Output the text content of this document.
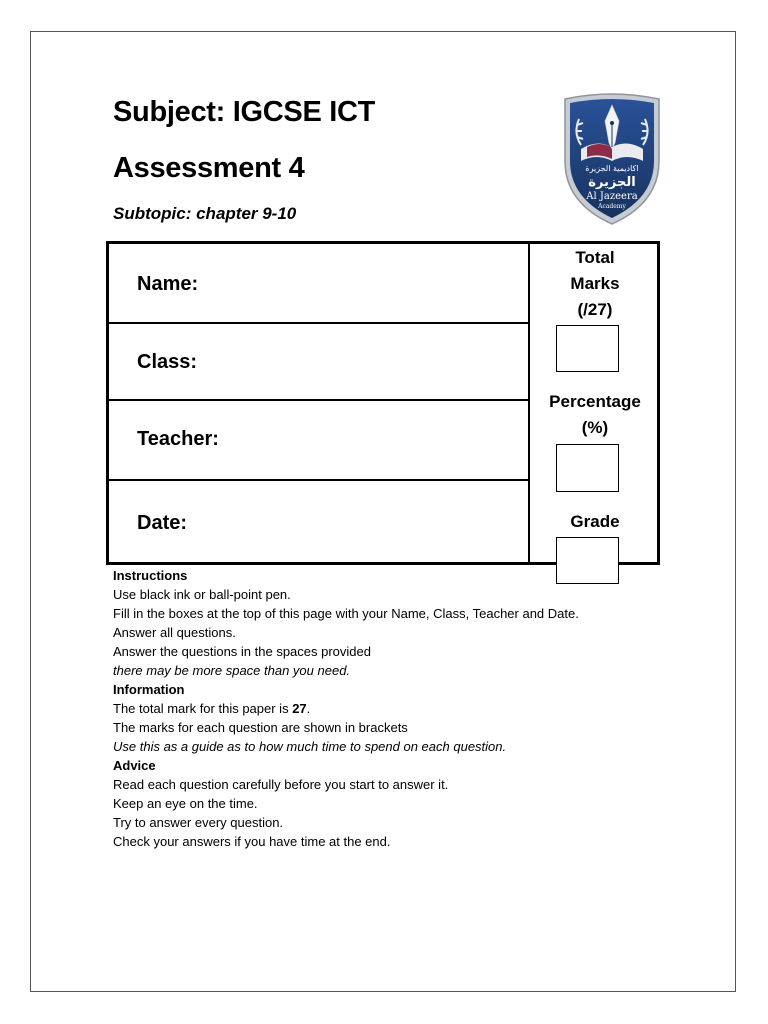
Subject: IGCSE ICT
Assessment 4
Subtopic: chapter 9-10
اكاديمية الجزيرة
الجزيرة
Al Jazeera
Academy
Name:
Class:
Teacher:
Date:
Total
Marks
(/27)
Percentage
(%)
Grade
Instructions
Use black ink or ball-point pen.
Fill in the boxes at the top of this page with your Name, Class, Teacher and Date.
Answer all questions.
Answer the questions in the spaces provided
there may be more space than you need.
Information
The total mark for this paper is 27.
The marks for each question are shown in brackets
Use this as a guide as to how much time to spend on each question.
Advice
Read each question carefully before you start to answer it.
Keep an eye on the time.
Try to answer every question.
Check your answers if you have time at the end.
